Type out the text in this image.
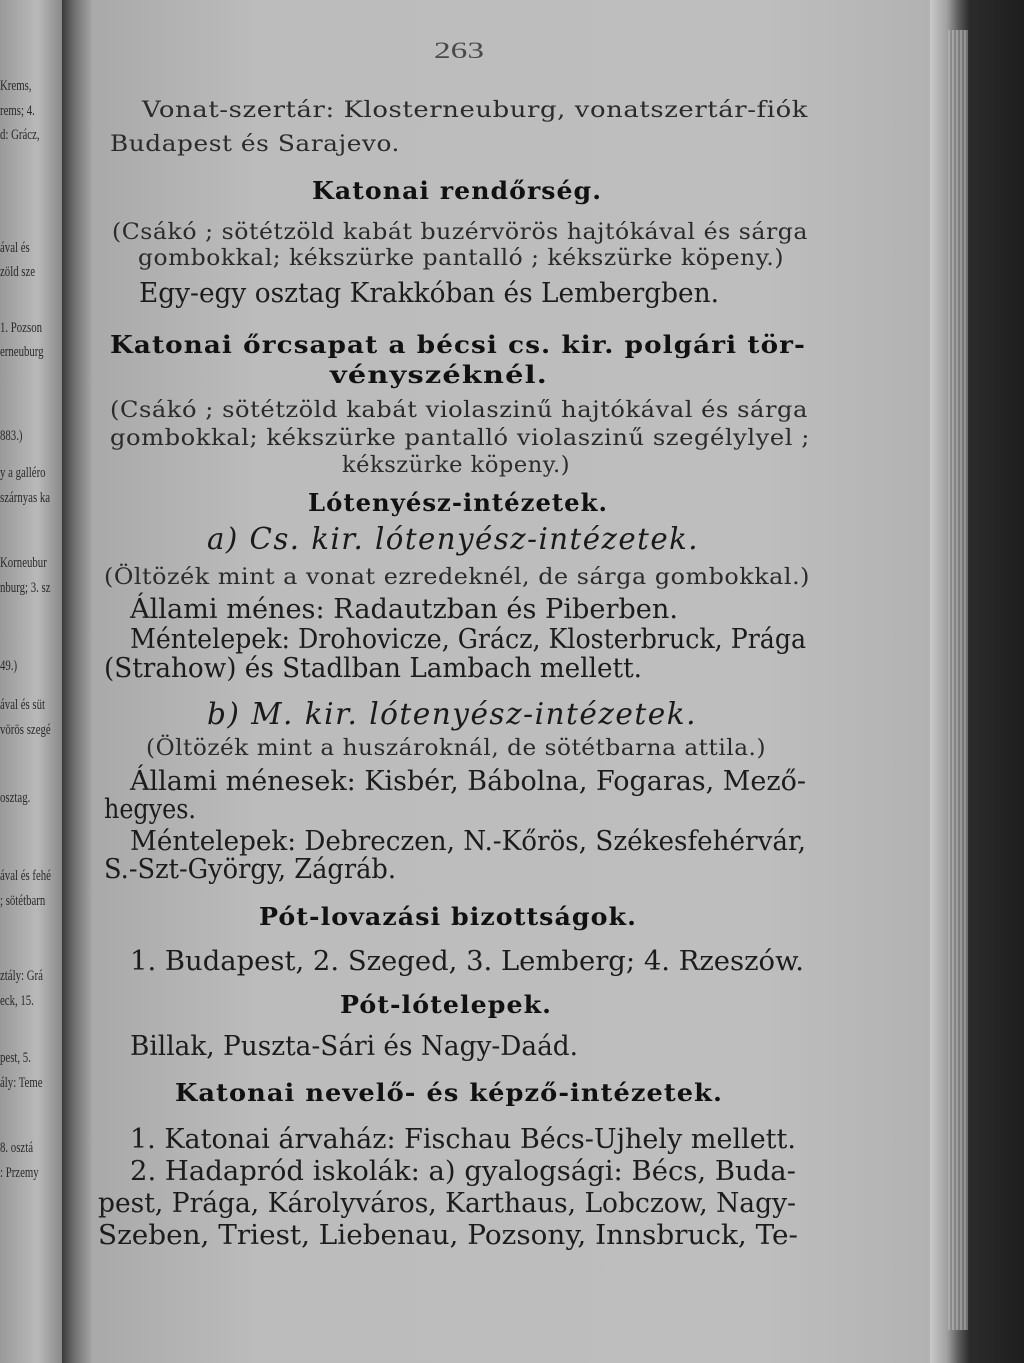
Krems,
rems; 4.
d: Grácz,
ával és
zöld sze
1. Pozson
erneuburg
883.)
y a galléro
szárnyas ka
Korneubur
nburg; 3. sz
49.)
ával és süt
vörös szegé
osztag.
ával és fehé
; sötétbarn
ztály: Grá
eck, 15.
pest, 5.
ály: Teme
8. osztá
: Przemy
263
Vonat-szertár: Klosterneuburg, vonatszertár-fiók
Budapest és Sarajevo.
Katonai rendőrség.
(Csákó ; sötétzöld kabát buzérvörös hajtókával és sárga
gombokkal; kékszürke pantalló ; kékszürke köpeny.)
Egy-egy osztag Krakkóban és Lembergben.
Katonai őrcsapat a bécsi cs. kir. polgári tör-
vényszéknél.
(Csákó ; sötétzöld kabát violaszinű hajtókával és sárga
gombokkal; kékszürke pantalló violaszinű szegélylyel ;
kékszürke köpeny.)
Lótenyész-intézetek.
a) Cs. kir. lótenyész-intézetek.
(Öltözék mint a vonat ezredeknél, de sárga gombokkal.)
Állami ménes: Radautzban és Piberben.
Méntelepek: Drohovicze, Grácz, Klosterbruck, Prága
(Strahow) és Stadlban Lambach mellett.
b) M. kir. lótenyész-intézetek.
(Öltözék mint a huszároknál, de sötétbarna attila.)
Állami ménesek: Kisbér, Bábolna, Fogaras, Mező-
hegyes.
Méntelepek: Debreczen, N.-Kőrös, Székesfehérvár,
S.-Szt-György, Zágráb.
Pót-lovazási bizottságok.
1. Budapest, 2. Szeged, 3. Lemberg; 4. Rzeszów.
Pót-lótelepek.
Billak, Puszta-Sári és Nagy-Daád.
Katonai nevelő- és képző-intézetek.
1. Katonai árvaház: Fischau Bécs-Ujhely mellett.
2. Hadapród iskolák: a) gyalogsági: Bécs, Buda-
pest, Prága, Károlyváros, Karthaus, Lobczow, Nagy-
Szeben, Triest, Liebenau, Pozsony, Innsbruck, Te-
